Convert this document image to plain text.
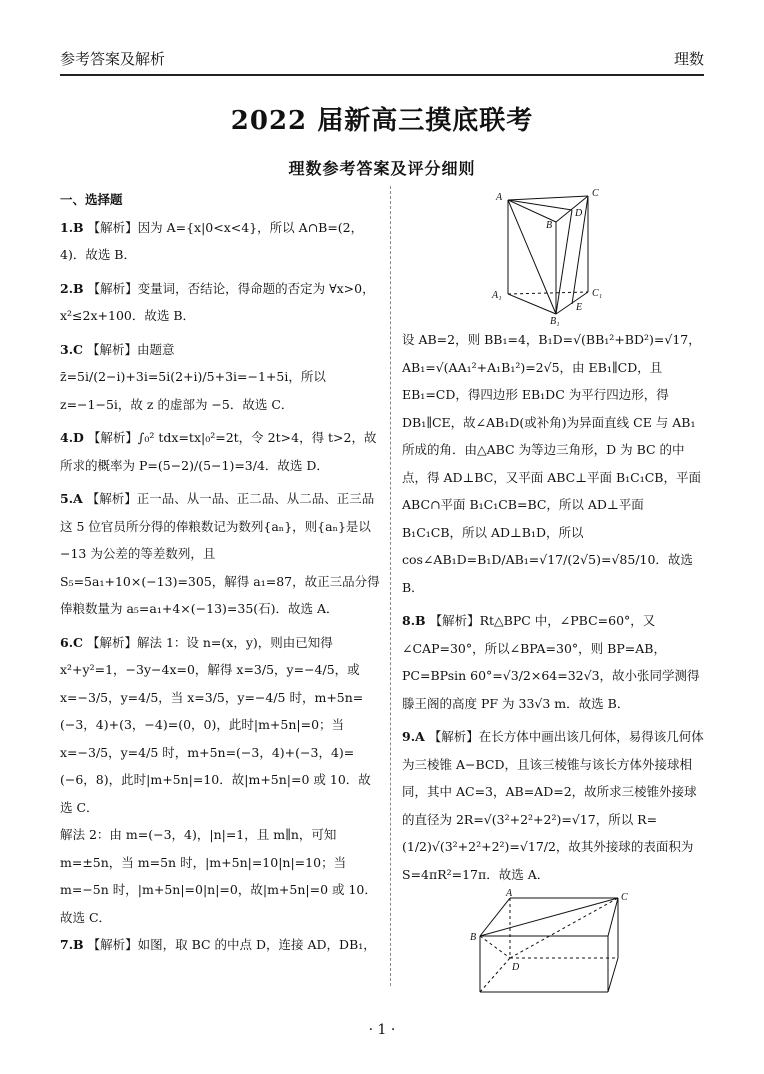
参考答案及解析	理数
2022 届新高三摸底联考
理数参考答案及评分细则
一、选择题

1.B 【解析】因为 A={x|0<x<4}，所以 A∩B=(2，4)．故选 B．

2.B 【解析】变量词，否结论，得命题的否定为 ∀x>0，x²≤2x+100．故选 B．

3.C 【解析】由题意 z̄=5i/(2−i)+3i=5i(2+i)/5+3i=−1+5i，所以 z=−1−5i，故 z 的虚部为 −5．故选 C．

4.D 【解析】∫₀² tdx=tx|₀²=2t，令 2t>4，得 t>2，故所求的概率为 P=(5−2)/(5−1)=3/4．故选 D．

5.A 【解析】正一品、从一品、正二品、从二品、正三品这 5 位官员所分得的俸粮数记为数列{aₙ}，则{aₙ}是以 −13 为公差的等差数列，且 S₅=5a₁+10×(−13)=305，解得 a₁=87，故正三品分得俸粮数量为 a₅=a₁+4×(−13)=35(石)．故选 A．

6.C 【解析】解法 1：设 n=(x，y)，则由已知得 x²+y²=1，−3y−4x=0，解得 x=3/5，y=−4/5，或 x=−3/5，y=4/5，当 x=3/5，y=−4/5 时，m+5n=(−3，4)+(3，−4)=(0，0)，此时|m+5n|=0；当 x=−3/5，y=4/5 时，m+5n=(−3，4)+(−3，4)=(−6，8)，此时|m+5n|=10．故|m+5n|=0 或 10．故选 C．

解法 2：由 m=(−3，4)，|n|=1，且 m∥n，可知 m=±5n，当 m=5n 时，|m+5n|=10|n|=10；当 m=−5n 时，|m+5n|=0|n|=0，故|m+5n|=0 或 10．故选 C．

7.B 【解析】如图，取 BC 的中点 D，连接 AD，DB₁，

A	C
D
B
A₁	C₁
E
B₁

设 AB=2，则 BB₁=4，B₁D=√(BB₁²+BD²)=√17，AB₁=√(AA₁²+A₁B₁²)=2√5，由 EB₁∥CD，且 EB₁=CD，得四边形 EB₁DC 为平行四边形，得 DB₁∥CE，故∠AB₁D(或补角)为异面直线 CE 与 AB₁ 所成的角．由△ABC 为等边三角形，D 为 BC 的中点，得 AD⊥BC，又平面 ABC⊥平面 B₁C₁CB，平面 ABC∩平面 B₁C₁CB=BC，所以 AD⊥平面 B₁C₁CB，所以 AD⊥B₁D，所以 cos∠AB₁D=B₁D/AB₁=√17/(2√5)=√85/10．故选 B．

8.B 【解析】Rt△BPC 中，∠PBC=60°，又∠CAP=30°，所以∠BPA=30°，则 BP=AB，PC=BPsin 60°=√3/2×64=32√3，故小张同学测得滕王阁的高度 PF 为 33√3 m．故选 B．

9.A 【解析】在长方体中画出该几何体，易得该几何体为三棱锥 A−BCD，且该三棱锥与该长方体外接球相同，其中 AC=3，AB=AD=2，故所求三棱锥外接球的直径为 2R=√(3²+2²+2²)=√17，所以 R=(1/2)√(3²+2²+2²)=√17/2，故其外接球的表面积为 S=4πR²=17π．故选 A．

A	C
B
D
· 1 ·
